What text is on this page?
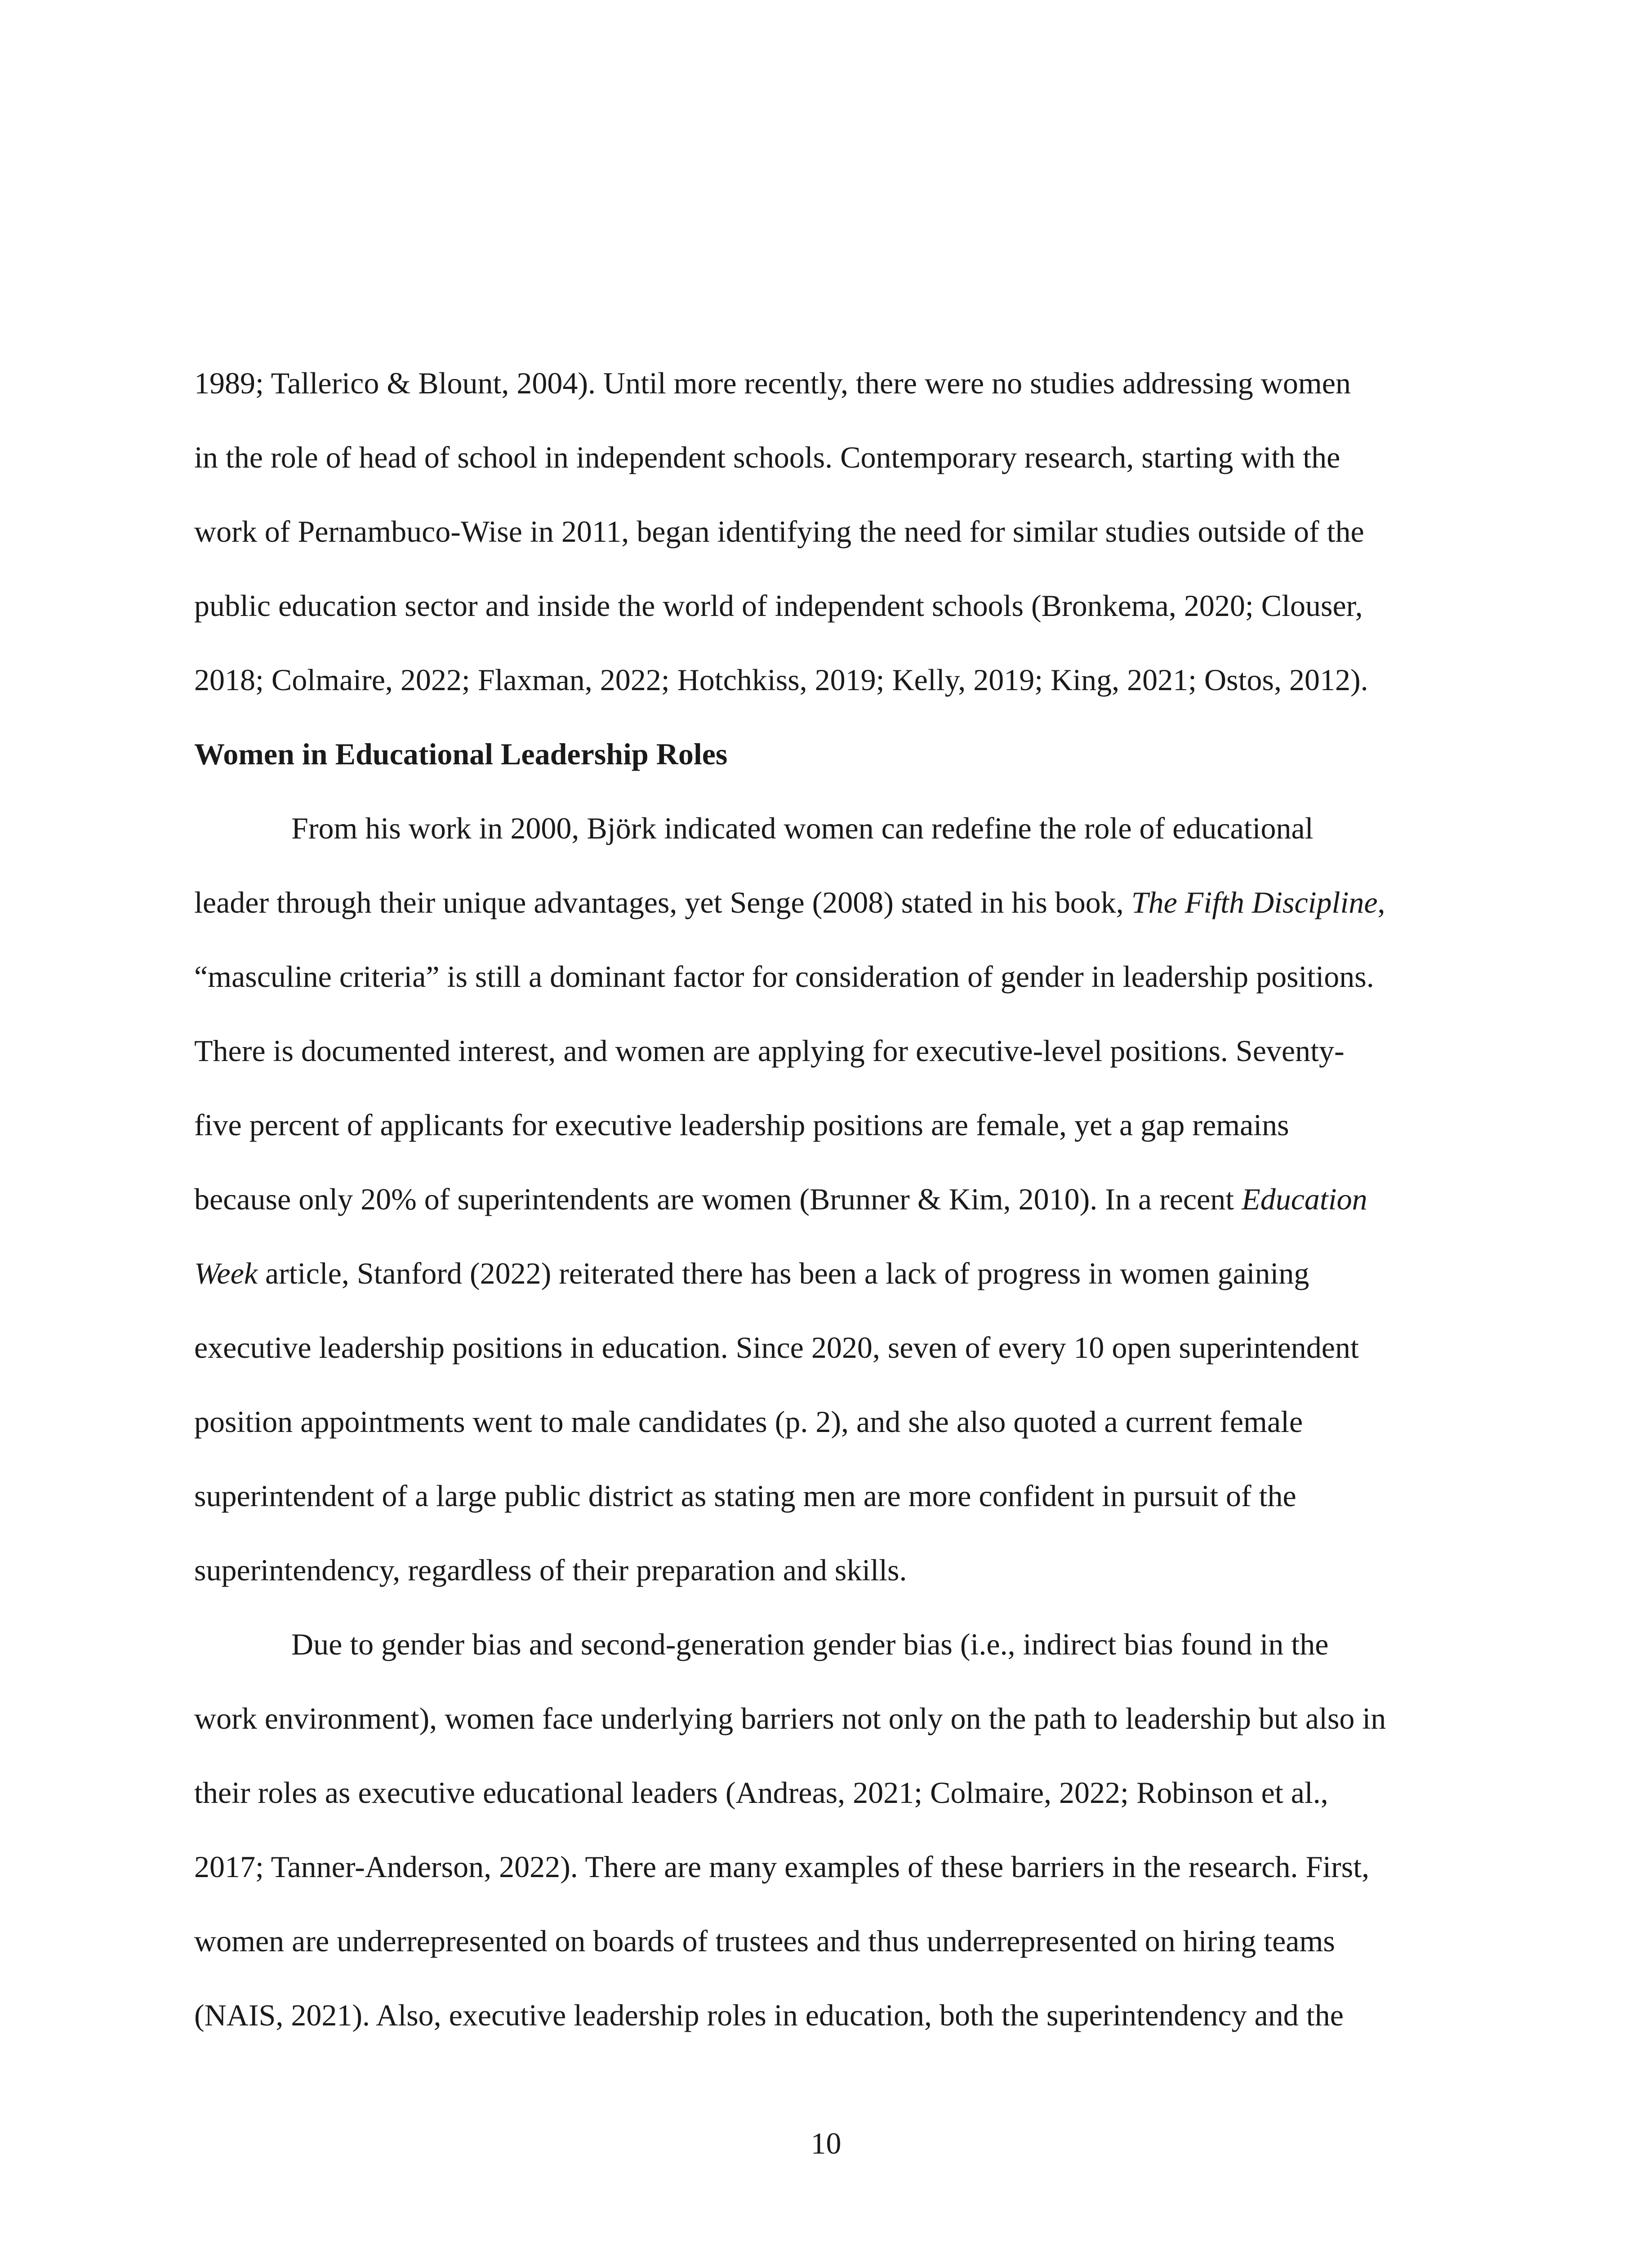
1989; Tallerico & Blount, 2004). Until more recently, there were no studies addressing women
in the role of head of school in independent schools. Contemporary research, starting with the
work of Pernambuco-Wise in 2011, began identifying the need for similar studies outside of the
public education sector and inside the world of independent schools (Bronkema, 2020; Clouser,
2018; Colmaire, 2022; Flaxman, 2022; Hotchkiss, 2019; Kelly, 2019; King, 2021; Ostos, 2012).
Women in Educational Leadership Roles
From his work in 2000, Björk indicated women can redefine the role of educational
leader through their unique advantages, yet Senge (2008) stated in his book, The Fifth Discipline,
“masculine criteria” is still a dominant factor for consideration of gender in leadership positions.
There is documented interest, and women are applying for executive-level positions. Seventy-
five percent of applicants for executive leadership positions are female, yet a gap remains
because only 20% of superintendents are women (Brunner & Kim, 2010). In a recent Education
Week article, Stanford (2022) reiterated there has been a lack of progress in women gaining
executive leadership positions in education. Since 2020, seven of every 10 open superintendent
position appointments went to male candidates (p. 2), and she also quoted a current female
superintendent of a large public district as stating men are more confident in pursuit of the
superintendency, regardless of their preparation and skills.
Due to gender bias and second-generation gender bias (i.e., indirect bias found in the
work environment), women face underlying barriers not only on the path to leadership but also in
their roles as executive educational leaders (Andreas, 2021; Colmaire, 2022; Robinson et al.,
2017; Tanner-Anderson, 2022). There are many examples of these barriers in the research. First,
women are underrepresented on boards of trustees and thus underrepresented on hiring teams
(NAIS, 2021). Also, executive leadership roles in education, both the superintendency and the
10
